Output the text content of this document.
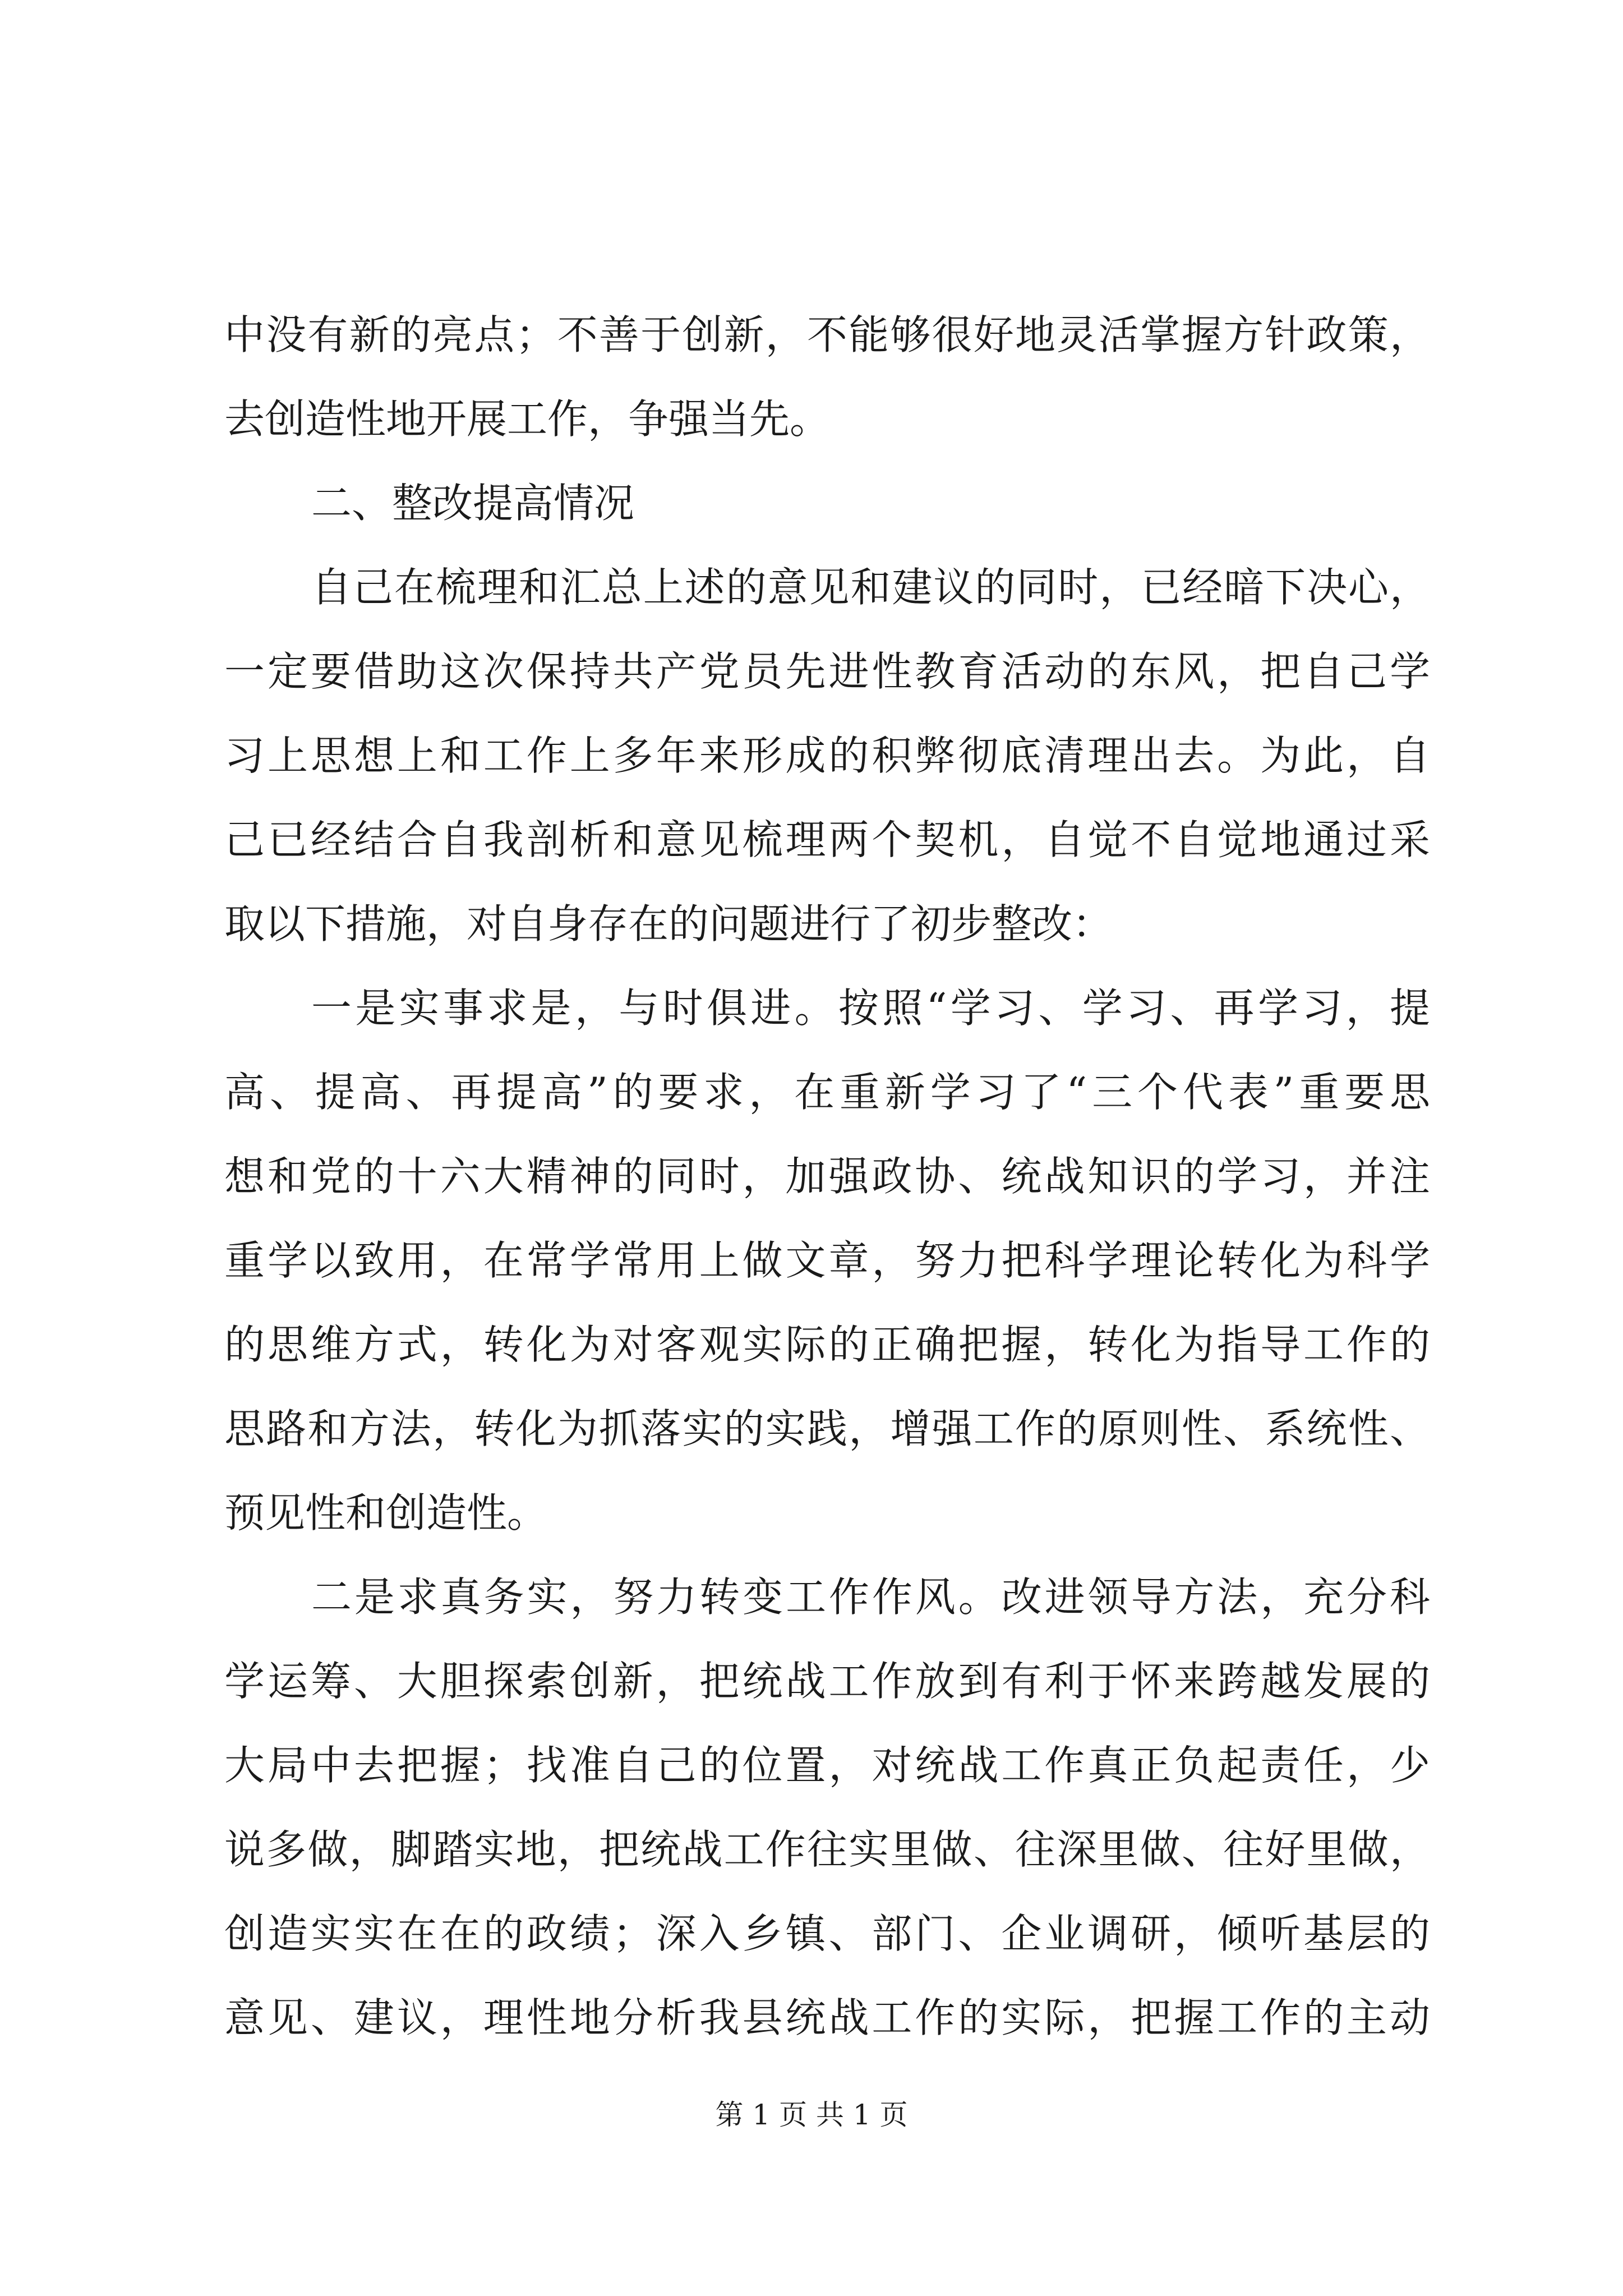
中没有新的亮点；不善于创新，不能够很好地灵活掌握方针政策，
去创造性地开展工作，争强当先。
二、整改提高情况
自己在梳理和汇总上述的意见和建议的同时，已经暗下决心，
一定要借助这次保持共产党员先进性教育活动的东风，把自己学
习上思想上和工作上多年来形成的积弊彻底清理出去。为此，自
己已经结合自我剖析和意见梳理两个契机，自觉不自觉地通过采
取以下措施，对自身存在的问题进行了初步整改：
一是实事求是，与时俱进。按照“学习、学习、再学习，提
高、提高、再提高”的要求，在重新学习了“三个代表”重要思
想和党的十六大精神的同时，加强政协、统战知识的学习，并注
重学以致用，在常学常用上做文章，努力把科学理论转化为科学
的思维方式，转化为对客观实际的正确把握，转化为指导工作的
思路和方法，转化为抓落实的实践，增强工作的原则性、系统性、
预见性和创造性。
二是求真务实，努力转变工作作风。改进领导方法，充分科
学运筹、大胆探索创新，把统战工作放到有利于怀来跨越发展的
大局中去把握；找准自己的位置，对统战工作真正负起责任，少
说多做，脚踏实地，把统战工作往实里做、往深里做、往好里做，
创造实实在在的政绩；深入乡镇、部门、企业调研，倾听基层的
意见、建议，理性地分析我县统战工作的实际，把握工作的主动
第 1 页 共 1 页
